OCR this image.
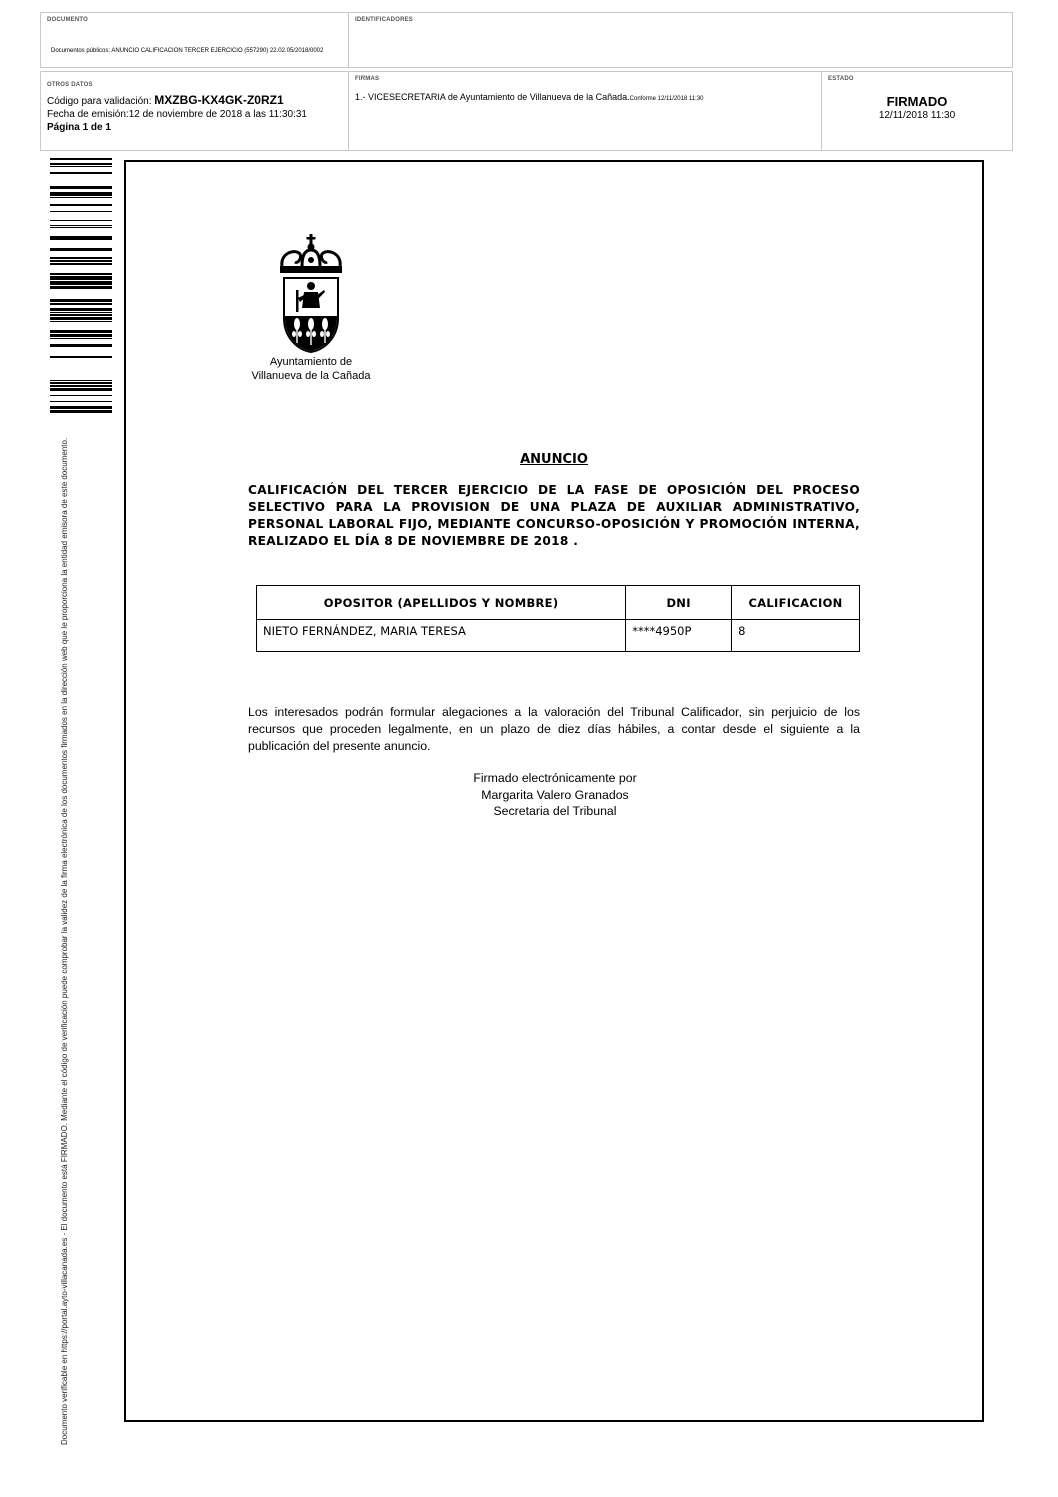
DOCUMENTO
Documentos públicos: ANUNCIO CALIFICACION TERCER EJERCICIO (557290) 22.02.05/2018/0002
IDENTIFICADORES
OTROS DATOS
Código para validación: MXZBG-KX4GK-Z0RZ1
Fecha de emisión:12 de noviembre de 2018 a las 11:30:31
Página 1 de 1
FIRMAS
1.- VICESECRETARIA de Ayuntamiento de Villanueva de la Cañada.Conforme 12/11/2018 11:30
ESTADO
FIRMADO
12/11/2018 11:30
Documento verificable en https://portal.ayto-villacanada.es - El documento está FIRMADO. Mediante el código de verificación puede comprobar la validez de la firma electrónica de los documentos firmados en la dirección web que le proporciona la entidad emisora de este documento.
Ayuntamiento de
Villanueva de la Cañada
ANUNCIO
CALIFICACIÓN DEL TERCER EJERCICIO DE LA FASE DE OPOSICIÓN DEL PROCESO SELECTIVO PARA LA PROVISION DE UNA PLAZA DE AUXILIAR ADMINISTRATIVO, PERSONAL LABORAL FIJO, MEDIANTE CONCURSO-OPOSICIÓN Y PROMOCIÓN INTERNA, REALIZADO EL DÍA 8 DE NOVIEMBRE DE 2018 .
OPOSITOR (APELLIDOS Y NOMBRE)	DNI	CALIFICACION
NIETO FERNÁNDEZ, MARIA TERESA	****4950P	8
Los interesados podrán formular alegaciones a la valoración del Tribunal Calificador, sin perjuicio de los recursos que proceden legalmente, en un plazo de diez días hábiles, a contar desde el siguiente a la publicación del presente anuncio.
Firmado electrónicamente por
Margarita Valero Granados
Secretaria del Tribunal
